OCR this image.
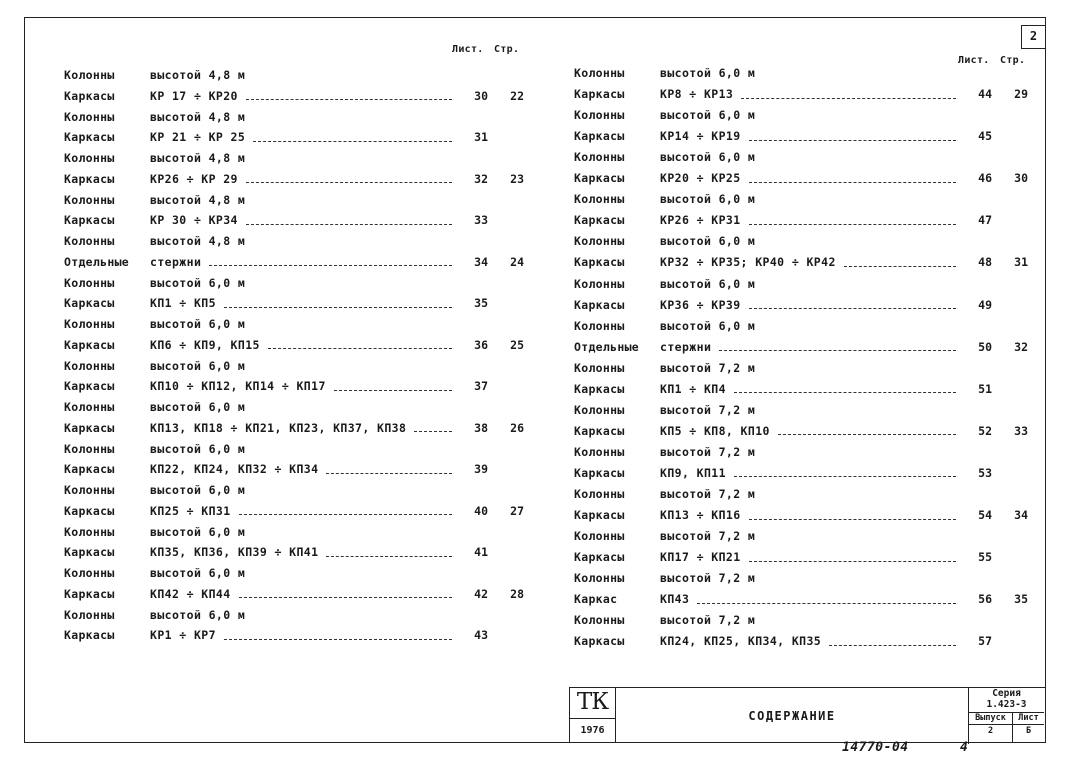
2
Лист. Стр.
Лист. Стр.
Колонны	высотой 4,8 м
Каркасы	КР 17 ÷ КР20	30	22
Колонны	высотой 4,8 м
Каркасы	КР 21 ÷ КР 25	31
Колонны	высотой 4,8 м
Каркасы	КР26 ÷ КР 29	32	23
Колонны	высотой 4,8 м
Каркасы	КР 30 ÷ КР34	33
Колонны	высотой 4,8 м
Отдельные	стержни	34	24
Колонны	высотой 6,0 м
Каркасы	КП1 ÷ КП5	35
Колонны	высотой 6,0 м
Каркасы	КП6 ÷ КП9, КП15	36	25
Колонны	высотой 6,0 м
Каркасы	КП10 ÷ КП12, КП14 ÷ КП17	37
Колонны	высотой 6,0 м
Каркасы	КП13, КП18 ÷ КП21, КП23, КП37, КП38	38	26
Колонны	высотой 6,0 м
Каркасы	КП22, КП24, КП32 ÷ КП34	39
Колонны	высотой 6,0 м
Каркасы	КП25 ÷ КП31	40	27
Колонны	высотой 6,0 м
Каркасы	КП35, КП36, КП39 ÷ КП41	41
Колонны	высотой 6,0 м
Каркасы	КП42 ÷ КП44	42	28
Колонны	высотой 6,0 м
Каркасы	КР1 ÷ КР7	43
Колонны	высотой 6,0 м
Каркасы	КР8 ÷ КР13	44	29
Колонны	высотой 6,0 м
Каркасы	КР14 ÷ КР19	45
Колонны	высотой 6,0 м
Каркасы	КР20 ÷ КР25	46	30
Колонны	высотой 6,0 м
Каркасы	КР26 ÷ КР31	47
Колонны	высотой 6,0 м
Каркасы	КР32 ÷ КР35; КР40 ÷ КР42	48	31
Колонны	высотой 6,0 м
Каркасы	КР36 ÷ КР39	49
Колонны	высотой 6,0 м
Отдельные	стержни	50	32
Колонны	высотой 7,2 м
Каркасы	КП1 ÷ КП4	51
Колонны	высотой 7,2 м
Каркасы	КП5 ÷ КП8, КП10	52	33
Колонны	высотой 7,2 м
Каркасы	КП9, КП11	53
Колонны	высотой 7,2 м
Каркасы	КП13 ÷ КП16	54	34
Колонны	высотой 7,2 м
Каркасы	КП17 ÷ КП21	55
Колонны	высотой 7,2 м
Каркас	КП43	56	35
Колонны	высотой 7,2 м
Каркасы	КП24, КП25, КП34, КП35	57
ТК
1976
СОДЕРЖАНИЕ
Серия
1.423-3
Выпуск
2
Лист
Б
14770-04	4
